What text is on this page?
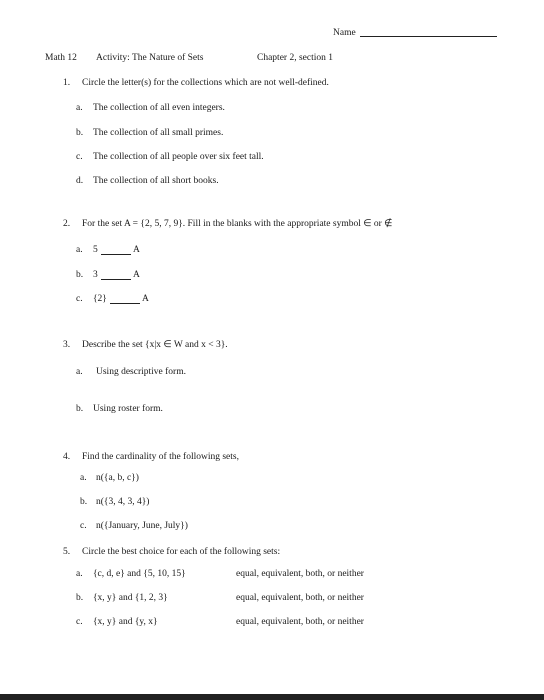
Name
Math 12 Activity: The Nature of Sets	Chapter 2, section 1
1. Circle the letter(s) for the collections which are not well-defined.
a. The collection of all even integers.
b. The collection of all small primes.
c. The collection of all people over six feet tall.
d. The collection of all short books.
2. For the set A = {2, 5, 7, 9}. Fill in the blanks with the appropriate symbol ∈ or ∉
a. 5	A
b. 3	A
c. {2}	A
3. Describe the set {x|x ∈ W and x < 3}.
a. Using descriptive form.
b. Using roster form.
4. Find the cardinality of the following sets,
a. n({a, b, c})
b. n({3, 4, 3, 4})
c. n({January, June, July})
5. Circle the best choice for each of the following sets:
a. {c, d, e} and {5, 10, 15}	equal, equivalent, both, or neither
b. {x, y} and {1, 2, 3}	equal, equivalent, both, or neither
c. {x, y} and {y, x}	equal, equivalent, both, or neither
